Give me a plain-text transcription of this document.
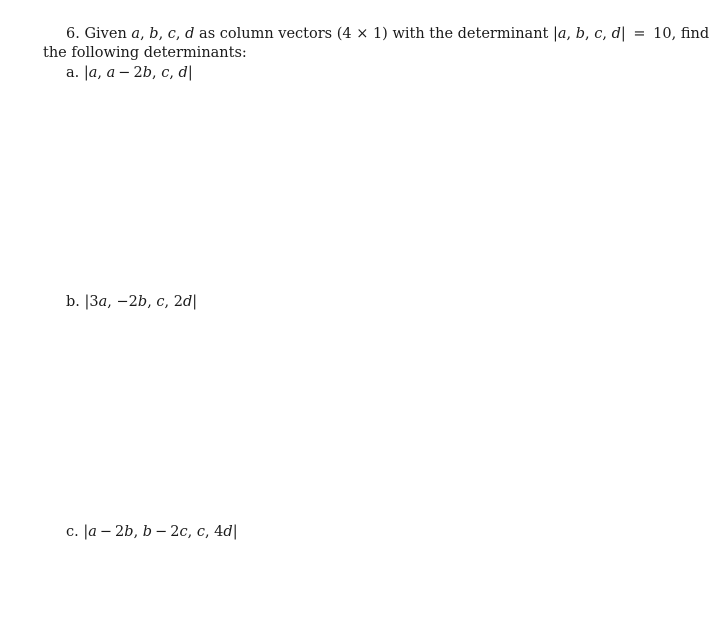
6. Given a, b, c, d as column vectors (4 × 1) with the determinant |a, b, c, d| = 10, find
the following determinants:
a. |a, a − 2b, c, d|
b. |3a, −2b, c, 2d|
c. |a − 2b, b − 2c, c, 4d|
